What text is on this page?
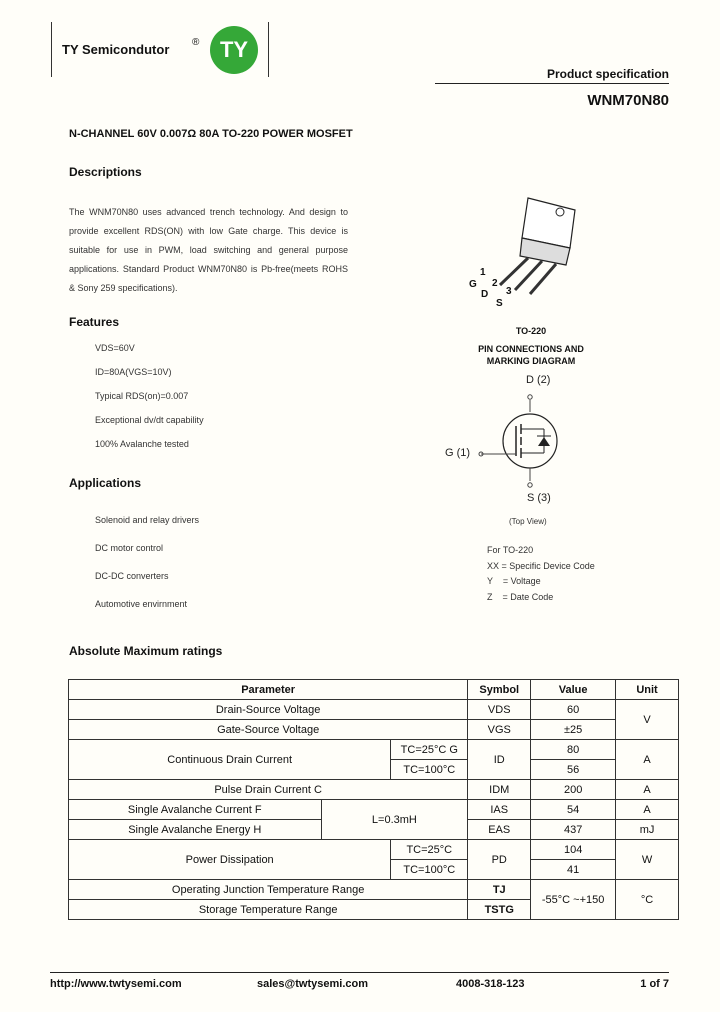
TY Semicondutor ® TY
Product specification
WNM70N80
N-CHANNEL 60V 0.007Ω 80A TO-220 POWER MOSFET
Descriptions
The WNM70N80 uses advanced trench technology. And design to provide excellent RDS(ON) with low Gate charge. This device is suitable for use in PWM, load switching and general purpose applications. Standard Product WNM70N80 is Pb-free(meets ROHS & Sony 259 specifications).
Features
VDS=60V
ID=80A(VGS=10V)
Typical RDS(on)=0.007
Exceptional dv/dt capability
100% Avalanche tested
Applications
Solenoid and relay drivers
DC motor control
DC-DC converters
Automotive envirnment
1
G 2
D 3
S
TO-220
PIN CONNECTIONS AND
MARKING DIAGRAM
D (2)
G (1)
S (3)
(Top View)
For TO-220
XX = Specific Device Code
Y    = Voltage
Z    = Date Code
Absolute Maximum ratings
Parameter			Symbol	Value	Unit
Drain-Source Voltage			VDS	60	V
Gate-Source Voltage			VGS	±25	
Continuous Drain Current		TC=25°C G	ID	80	A
		TC=100°C		56	
Pulse Drain Current C			IDM	200	A
Single Avalanche Current F	L=0.3mH		IAS	54	A
Single Avalanche Energy H			EAS	437	mJ
Power Dissipation		TC=25°C	PD	104	W
		TC=100°C		41	
Operating Junction Temperature Range			TJ	-55°C ~+150	°C
Storage Temperature Range			TSTG		
http://www.twtysemi.com	sales@twtysemi.com	4008-318-123	1 of 7
